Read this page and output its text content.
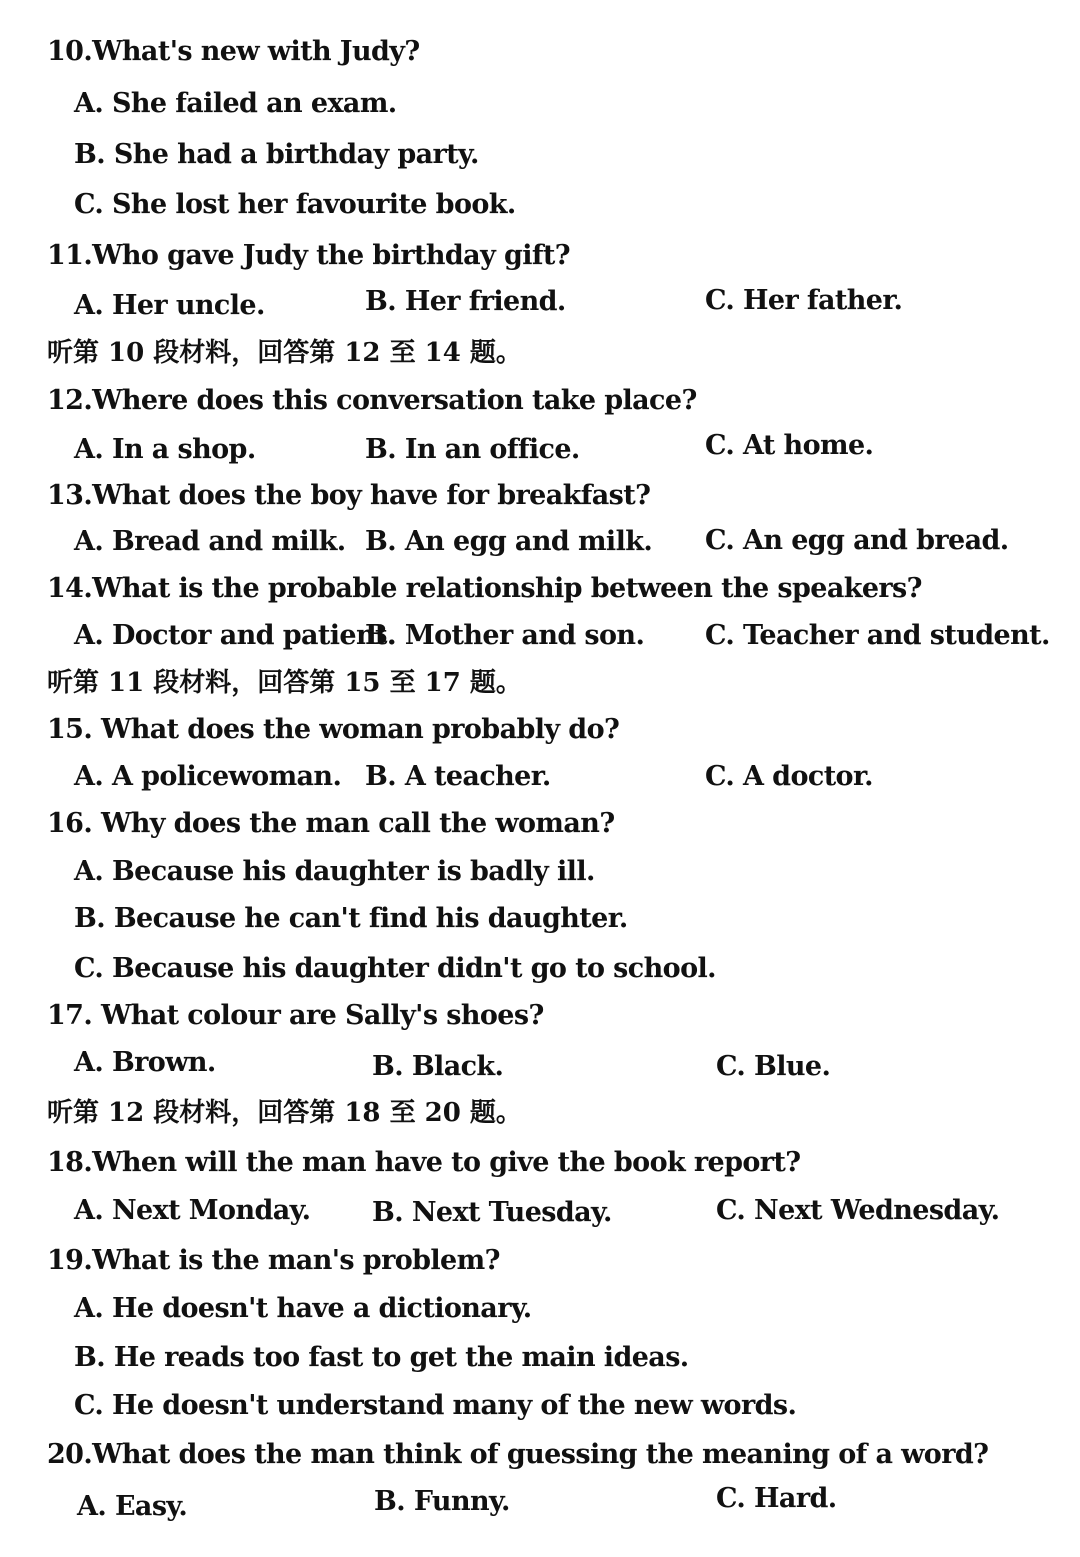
10.What's new with Judy?
A. She failed an exam.
B. She had a birthday party.
C. She lost her favourite book.
11.Who gave Judy the birthday gift?
A. Her uncle.	B. Her friend.	C. Her father.
听第 10 段材料，回答第 12 至 14 题。
12.Where does this conversation take place?
A. In a shop.	B. In an office.	C. At home.
13.What does the boy have for breakfast?
A. Bread and milk. B. An egg and milk. C. An egg and bread.
14.What is the probable relationship between the speakers?
A. Doctor and patient.
B. Mother and son. C. Teacher and student.
听第 11 段材料，回答第 15 至 17 题。
15. What does the woman probably do?
A. A policewoman. B. A teacher.	C. A doctor.
16. Why does the man call the woman?
A. Because his daughter is badly ill.
B. Because he can't find his daughter.
C. Because his daughter didn't go to school.
17. What colour are Sally's shoes?
A. Brown.	B. Black.	C. Blue.
听第 12 段材料，回答第 18 至 20 题。
18.When will the man have to give the book report?
A. Next Monday. B. Next Tuesday.	C. Next Wednesday.
19.What is the man's problem?
A. He doesn't have a dictionary.
B. He reads too fast to get the main ideas.
C. He doesn't understand many of the new words.
20.What does the man think of guessing the meaning of a word?
A. Easy.	B. Funny.	C. Hard.
